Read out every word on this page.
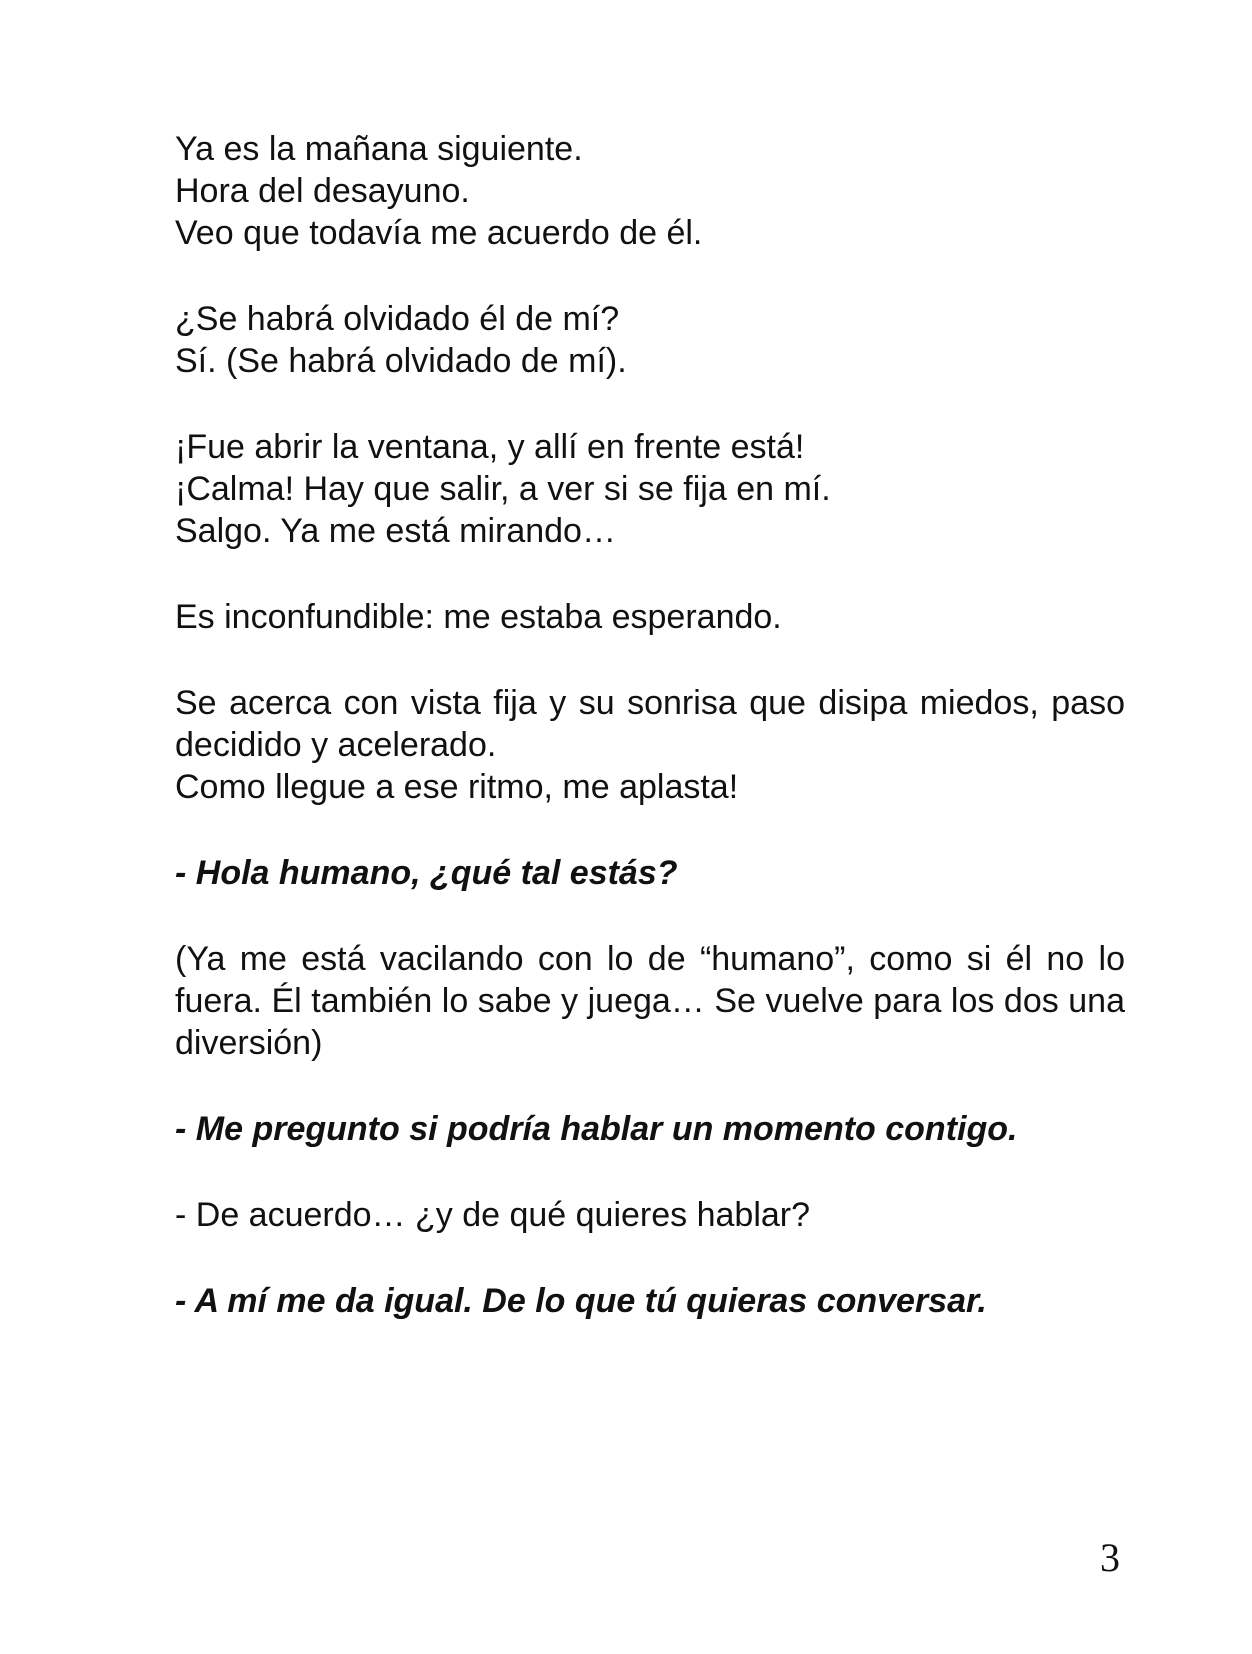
Ya es la mañana siguiente.

Hora del desayuno.

Veo que todavía me acuerdo de él.

¿Se habrá olvidado él de mí?

Sí. (Se habrá olvidado de mí).

¡Fue abrir la ventana, y allí en frente está!

¡Calma! Hay que salir, a ver si se fija en mí.

Salgo. Ya me está mirando…

Es inconfundible: me estaba esperando.

Se acerca con vista fija y su sonrisa que disipa miedos, paso decidido y acelerado.

Como llegue a ese ritmo, me aplasta!

- Hola humano, ¿qué tal estás?

(Ya me está vacilando con lo de “humano”, como si él no lo fuera. Él también lo sabe y juega… Se vuelve para los dos una diversión)

- Me pregunto si podría hablar un momento contigo.

- De acuerdo… ¿y de qué quieres hablar?

- A mí me da igual. De lo que tú quieras conversar.

3
